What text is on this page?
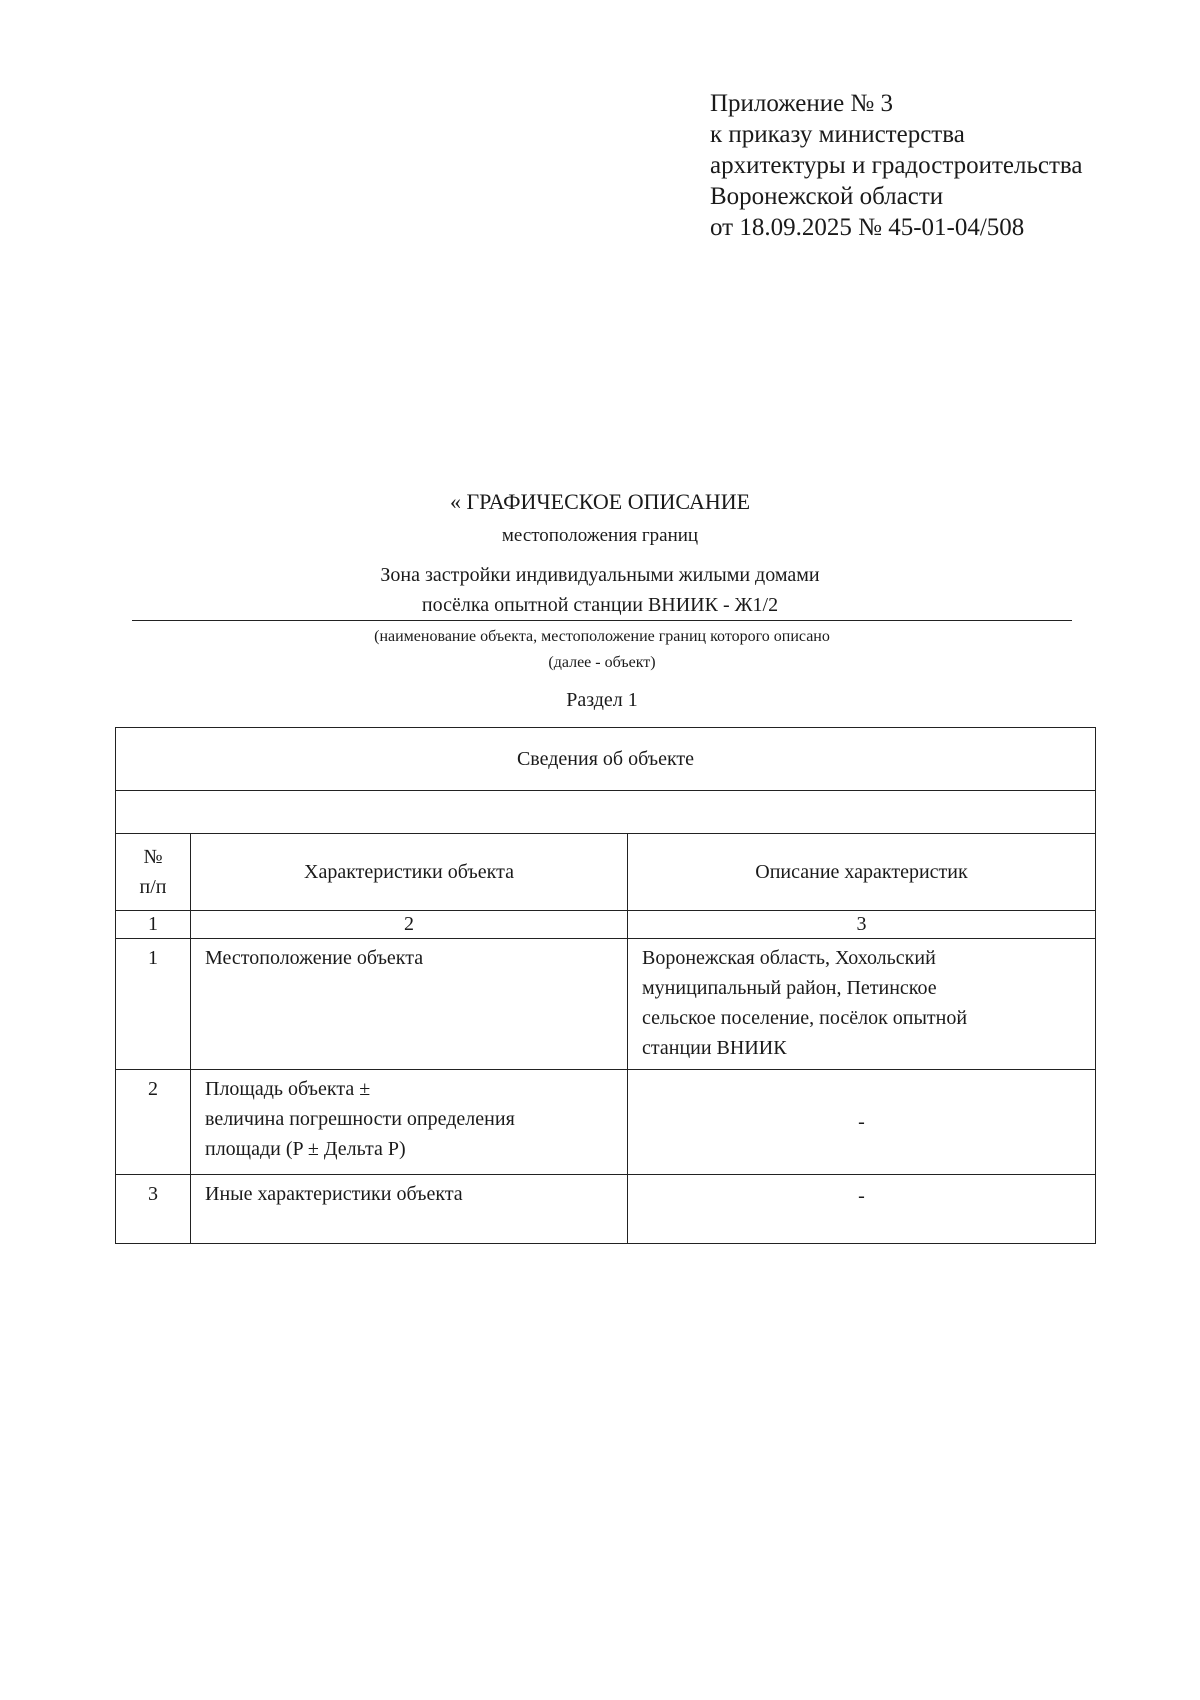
Приложение № 3
к приказу министерства
архитектуры и градостроительства
Воронежской области
от 18.09.2025 № 45-01-04/508
« ГРАФИЧЕСКОЕ ОПИСАНИЕ
местоположения границ
Зона застройки индивидуальными жилыми домами
посёлка опытной станции ВНИИК - Ж1/2
(наименование объекта, местоположение границ которого описано
(далее - объект)
Раздел 1
Сведения об объекте		

№
п/п	Характеристики объекта	Описание характеристик
1	2	3
1	Местоположение объекта	Воронежская область, Хохольский
муниципальный район, Петинское
сельское поселение, посёлок опытной
станции ВНИИК

2	Площадь объекта ±
величина погрешности определения
площади (P ± Дельта P)	-
3	Иные характеристики объекта	-
